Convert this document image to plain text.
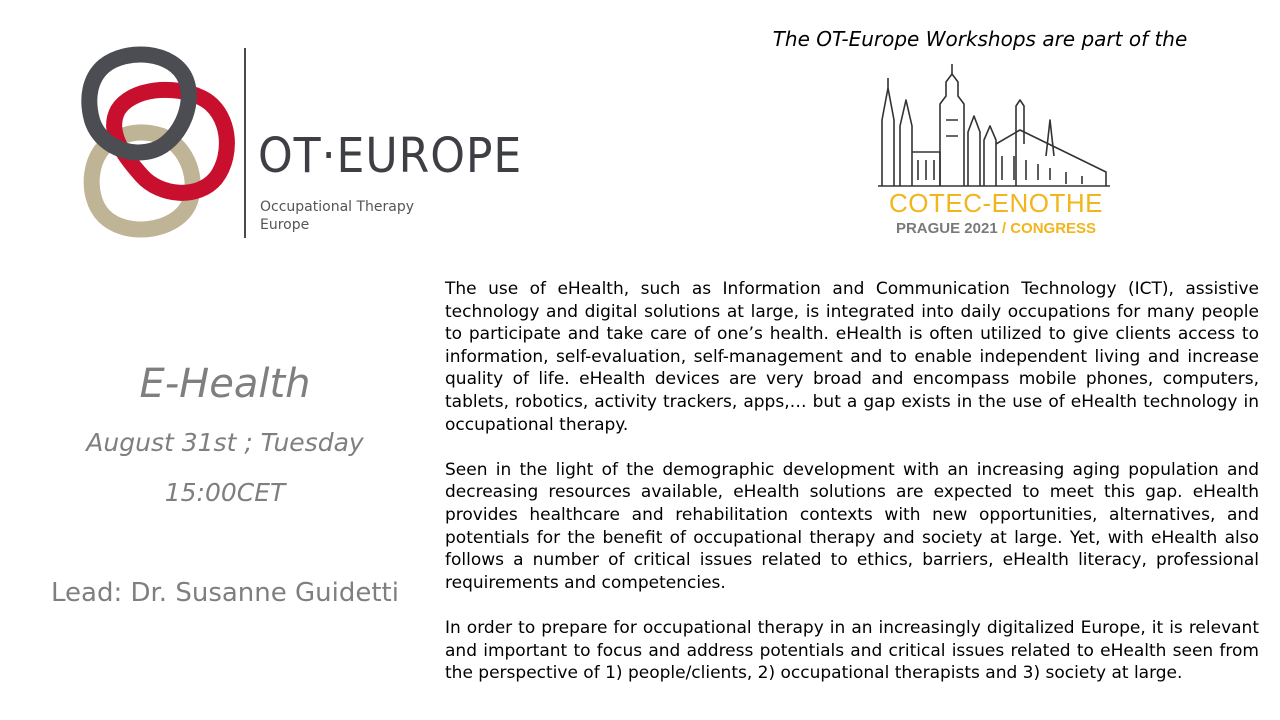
OT·EUROPE
Occupational Therapy
Europe
The OT-Europe Workshops are part of the
COTEC-ENOTHE
PRAGUE 2021 / CONGRESS
E-Health
August 31st ; Tuesday
15:00CET
Lead: Dr. Susanne Guidetti

The use of eHealth, such as Information and Communication Technology (ICT), assistive technology and digital solutions at large, is integrated into daily occupations for many people to participate and take care of one’s health. eHealth is often utilized to give clients access to information, self-evaluation, self-management and to enable independent living and increase quality of life. eHealth devices are very broad and encompass mobile phones, computers, tablets, robotics, activity trackers, apps,… but a gap exists in the use of eHealth technology in occupational therapy.

Seen in the light of the demographic development with an increasing aging population and decreasing resources available, eHealth solutions are expected to meet this gap. eHealth provides healthcare and rehabilitation contexts with new opportunities, alternatives, and potentials for the benefit of occupational therapy and society at large. Yet, with eHealth also follows a number of critical issues related to ethics, barriers, eHealth literacy, professional requirements and competencies.

In order to prepare for occupational therapy in an increasingly digitalized Europe, it is relevant and important to focus and address potentials and critical issues related to eHealth seen from the perspective of 1) people/clients, 2) occupational therapists and 3) society at large.
